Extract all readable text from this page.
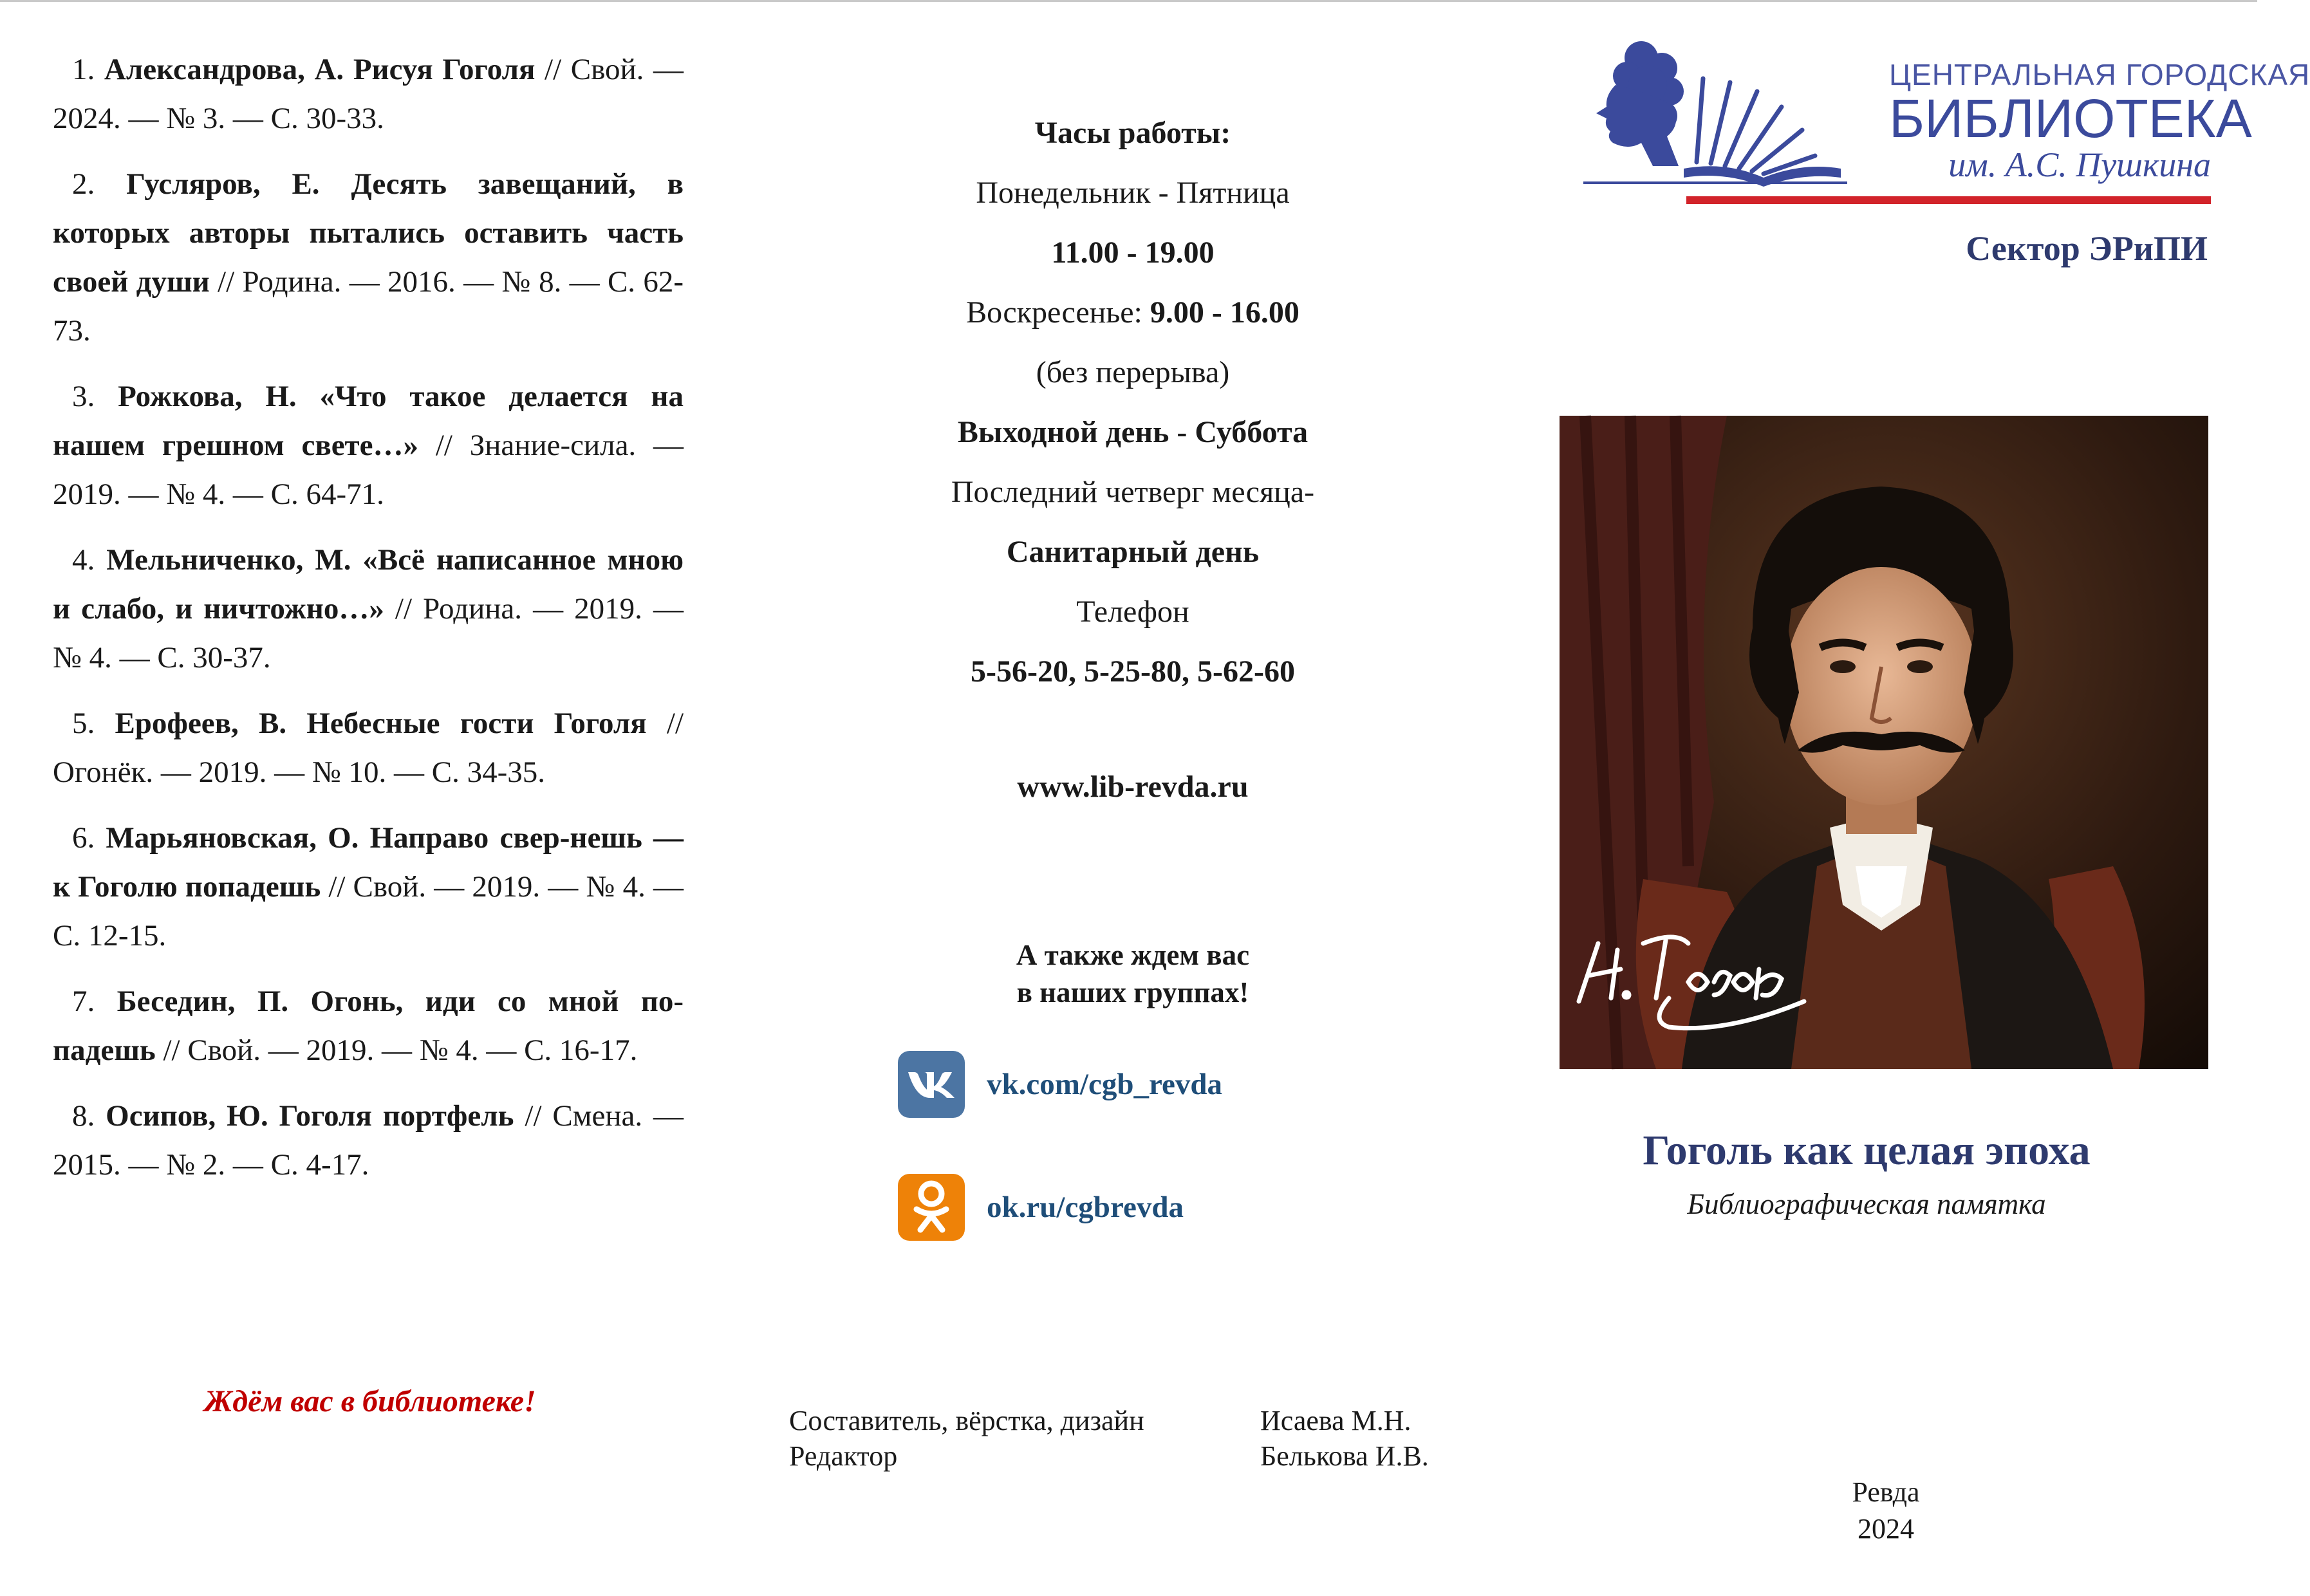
1. Александрова, А. Рисуя Гоголя // Свой. — 2024. — № 3. — С. 30-33.

2. Гусляров, Е. Десять завещаний, в которых авторы пытались оставить часть своей души // Родина. — 2016. — № 8. — С. 62-73.

3. Рожкова, Н. «Что такое делается на нашем грешном свете…» // Знание-сила. — 2019. — № 4. — С. 64-71.

4. Мельниченко, М. «Всё написанное мною и слабо, и ничтожно…» // Родина. — 2019. — № 4. — С. 30-37.

5. Ерофеев, В. Небесные гости Гоголя // Огонёк. — 2019. — № 10. — С. 34-35.

6. Марьяновская, О. Направо свер-нешь — к Гоголю попадешь // Свой. — 2019. — № 4. — С. 12-15.

7. Беседин, П. Огонь, иди со мной по-падешь // Свой. — 2019. — № 4. — С. 16-17.

8. Осипов, Ю. Гоголя портфель // Смена. — 2015. — № 2. — С. 4-17.

Ждём вас в библиотеке!
Часы работы:
Понедельник - Пятница
11.00 - 19.00
Воскресенье: 9.00 - 16.00
(без перерыва)
Выходной день - Суббота
Последний четверг месяца-
Санитарный день
Телефон
5-56-20, 5-25-80, 5-62-60
www.lib-revda.ru
А также ждем вас
в наших группах!
vk.com/cgb_revda
ok.ru/cgbrevda
Составитель, вёрстка, дизайн
Редактор
Исаева М.Н.
Белькова И.В.
ЦЕНТРАЛЬНАЯ ГОРОДСКАЯ
БИБЛИОТЕКА
им. А.С. Пушкина
Сектор ЭРиПИ
Гоголь как целая эпоха
Библиографическая памятка
Ревда
2024
